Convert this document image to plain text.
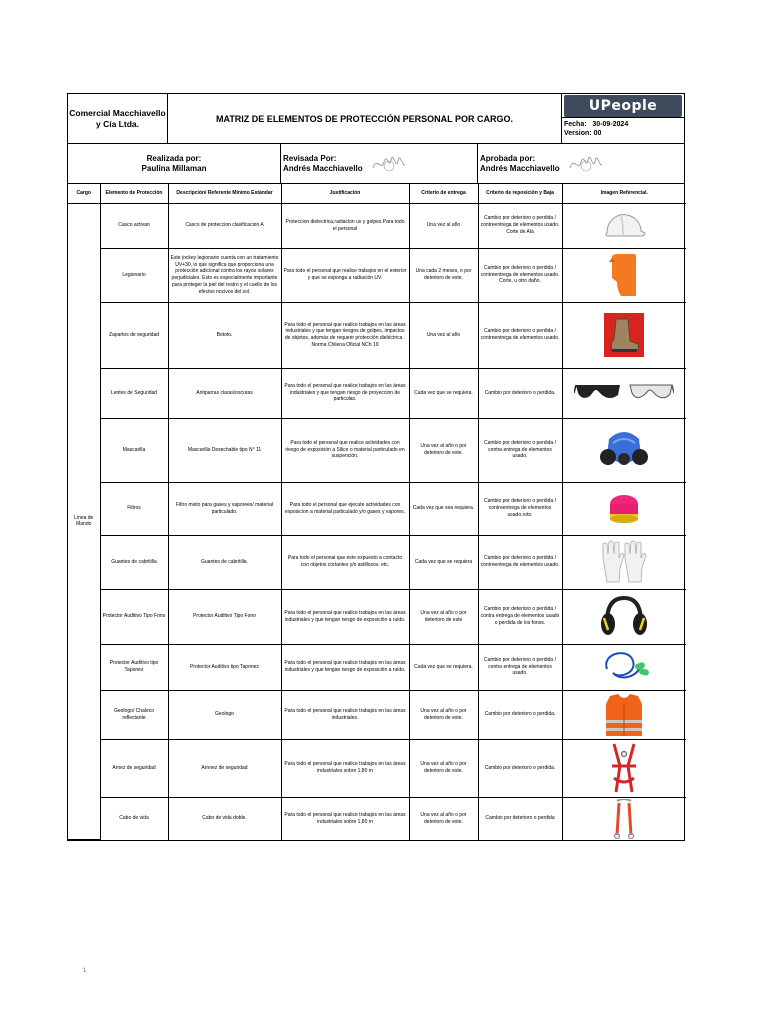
Comercial Macchiavello y Cía Ltda.	MATRIZ DE ELEMENTOS DE PROTECCIÓN PERSONAL POR CARGO.
UPeople
Fecha: 30-09-2024
Version: 00
Realizada por:
Paulina Millaman
Revisada Por:
Andrés Macchiavello
Aprobada por:
Andrés Macchiavello
Cargo	Elemento de Protección	Descripción/ Referente Mínimo Estándar	Justificación	Criterio de entrega	Criterio de reposición y Baja	Imagen Referencial.
Linea de Mando	Casco activan	Casco de proteccion clasificacion A	Proteccion dielectrica,radiacion uv y golpes.Para todo el personal	Una vez al año	Cambio por deterioro o perdida / contreentrega de elementos usado. Corte de Ala	

	Legionario	Este jockey legionario cuenta con un tratamiento UV+30, lo que significa que proporciona una protección adicional contra los rayos solares perjudiciales. Esto es especialmente importante para proteger la piel del rostro y el cuello de los efectos nocivos del sol.	Para todo el personal que realice trabajos en el exterior y que se exponga a radiación UV.	Una cada 2 meses, o por deterioro de este.	Cambio por deterioro o perdida / contreentrega de elementos usado. Corte, u otro daño.	

	Zapartos de seguridad	Bototo.	Para todo el personal que realice trabajos en las áreas industriales y que tengan riesgos de golpes, impactos de objetos, además de requerir protección dieléctrica . Norma Chilena Oficial NCh 19	Una vez al año	Cambio por deterioro o perdida / contreentrega de elementos usado.	

	Lentes de Seguridad	Antiparras claras/oscuras	Para todo el personal que realice trabajos en las áreas industriales y que tengan riesgo de proyeccion de particulas.	Cada vez que se requiera.	Cambio por deterioro o perdida.	

	Mascarilla	Mascarilla Desechable tipo N° 11	Para todo el personal que realice actividades con riesgo de exposición a Silice o material particulado en suspención.	Una vez al año o por deterioro de este.	Cambio por deterioro o perdida / contra entrega de elementos usado.	

	Filtros	Filtro mixto para gases y vaporees/ material particulado.	Para todo el personal que ejecute actividades con exposicion a material particulado y/o gases y vapores.	Cada vez que sea requiera.	Cambio por deterioro o perdida / contreentrega de elementos usado.roto.	

	Guantes de cabritilla	Guantes de cabritilla.	Para todo el personal que este expuesto a contacto con objetos cortantes y/o astillosos. etc.	Cada vez que se requiera	Cambio por deterioro o perdida / contreentrega de elementos usado.	

	Protector Auditivo Tipo Fono	Protector Auditivo Tipo Fono	Para todo el personal que realice trabajos en las áreas industriales y que tengan riesgo de exposición a ruido.	Una vez al año o por deterioro de este	Cambio por deterioro o perdida / contra entrega de elementos usado o perdida de los fonos.	

	Protector Auditivo tipo Taponez	Protector Auditivo tipo Taponez	Para todo el personal que realice trabajos en las áreas industriales y que tengan riesgo de exposición a ruido.	Cada vez que se requiera.	Cambio por deterioro o perdida / contra entrega de elementos usado.	

	Geologo/ Chaleco reflectante	Geologo	Para todo el personal que realice trabajos en las áreas industriales.	Una vez al año o por deterioro de este.	Cambio por deterioro o perdida.	

	Arnez de seguridad	Arnnez de seguridad	Para todo el personal que realice trabajos en las áreas industriales sobre 1,80 m	Una vez al año o por deterioro de este.	Cambio por deterioro o perdida.	

	Cabo de vida	Cabo de vida doble.	Para todo el personal que realice trabajos en las áreas industriales sobre 1,80 m	Una vez al año o por deterioro de este.	Cambio por deterioro o perdida	
1
